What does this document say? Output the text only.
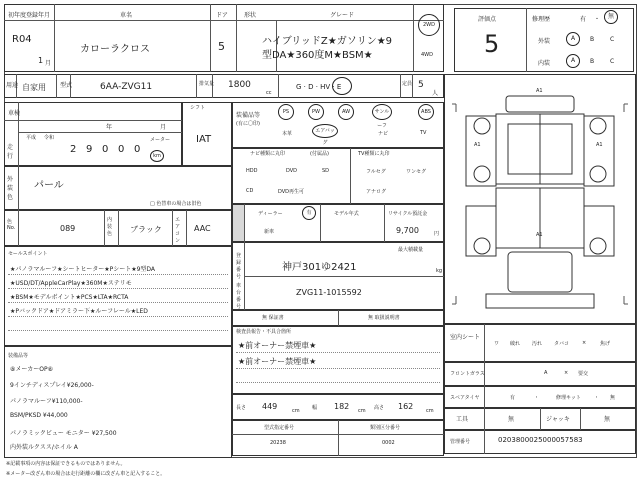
初年度登録年月
R04
1 月
車名
カローラクロス
ドア
5
形状	グレード
ハイブリッドZ★ガソリン★9
型DA★360度M★BSM★
2WD
4WD
評価点
5
修理歴	有 ・	無
外装	A	B	C
内装	A	B	C
用途 自家用 型式	6AA-ZVG11	排気量 1800
cc
G · D · HV · E	定員 5
人
車検
年	月
平成 令和
走行
2 9 0 0 0
メーター
km
シフト
IAT
外装色
パール
□ 色替車の場合は旧色
色No.	089
内装色	ブラック
エアコン
AAC
セールスポイント
★パノラマルーフ★シートヒーター★Pシート★9型DA
★USD/DT/AppleCarPlay★360M★ステリモ
★BSM★モデルボイント★PCS★LTA★RCTA
★Pバックドア★ドアミラー下★ルーフレール★LED
装備品等
⑧メーカーOP⑧
9インチディスプレイ¥26,000-
パノラマルーフ¥110,000-
BSM/PKSD ¥44,000
パノラミックビュー モニター ¥27,500
内外装ルクスス/ホイル A
装備品等
(有に〇印)
PS	PW	AW	サンルーフ
ABS
本革	エアバッグ
ナビ	TV
ナビ種類に丸印	(付属品)
HDD	DVD	SD
CD	DVD再生可
TV種類に丸印
フルセグ	ワンセグ
アナログ
ディーラー	有
新車
モデル年式	リサイクル預託金
9,700	円
登録番号
最大積載量
神戸301ゆ2421	kg
車台番号
ZVG11-1015592
無 保証書	無 取扱説明書
検査員報告・不具合箇所
★前オーナー禁煙車★
★前オーナー禁煙車★
長さ 449	cm 幅 182 cm 高さ 162	cm
型式指定番号
20238
類別区分番号
0002
A1
A1	A1
A1
室内シート
ワ 破れ 汚れ タバコ	×	焦げ
フロントガラス	A	× 要交
スペアタイヤ	有	・	修理キット	・ 無
工具	無	ジャッキ	無
管理番号	0203800025000057583
※記載事項の内容は保証できるものではありません。
※メーター改ざん車の場合は走行距離の欄に改ざん車と記入すること。
